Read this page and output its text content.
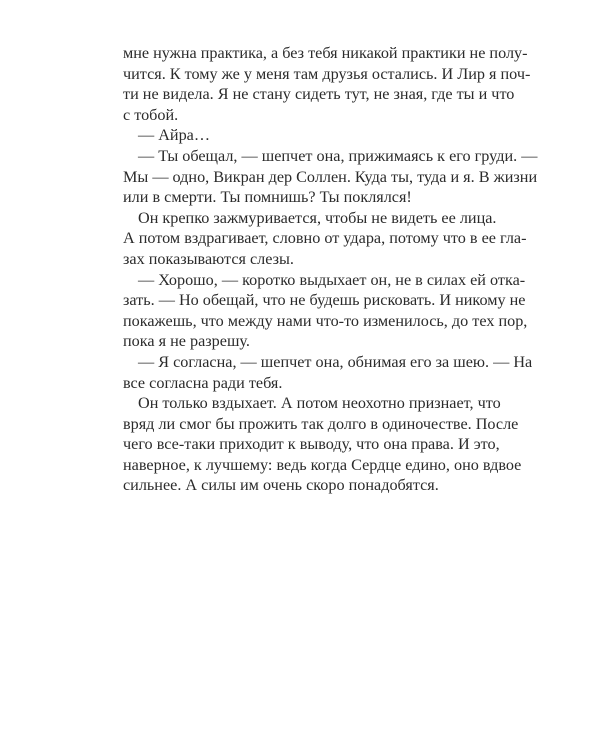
мне нужна практика, а без тебя никакой практики не полу-
чится. К тому же у меня там друзья остались. И Лир я поч-
ти не видела. Я не стану сидеть тут, не зная, где ты и что
с тобой.
— Айра…
— Ты обещал, — шепчет она, прижимаясь к его груди. —
Мы — одно, Викран дер Соллен. Куда ты, туда и я. В жизни
или в смерти. Ты помнишь? Ты поклялся!
Он крепко зажмуривается, чтобы не видеть ее лица.
А потом вздрагивает, словно от удара, потому что в ее гла-
зах показываются слезы.
— Хорошо, — коротко выдыхает он, не в силах ей отка-
зать. — Но обещай, что не будешь рисковать. И никому не
покажешь, что между нами что-то изменилось, до тех пор,
пока я не разрешу.
— Я согласна, — шепчет она, обнимая его за шею. — На
все согласна ради тебя.
Он только вздыхает. А потом неохотно признает, что
вряд ли смог бы прожить так долго в одиночестве. После
чего все-таки приходит к выводу, что она права. И это,
наверное, к лучшему: ведь когда Сердце едино, оно вдвое
сильнее. А силы им очень скоро понадобятся.
